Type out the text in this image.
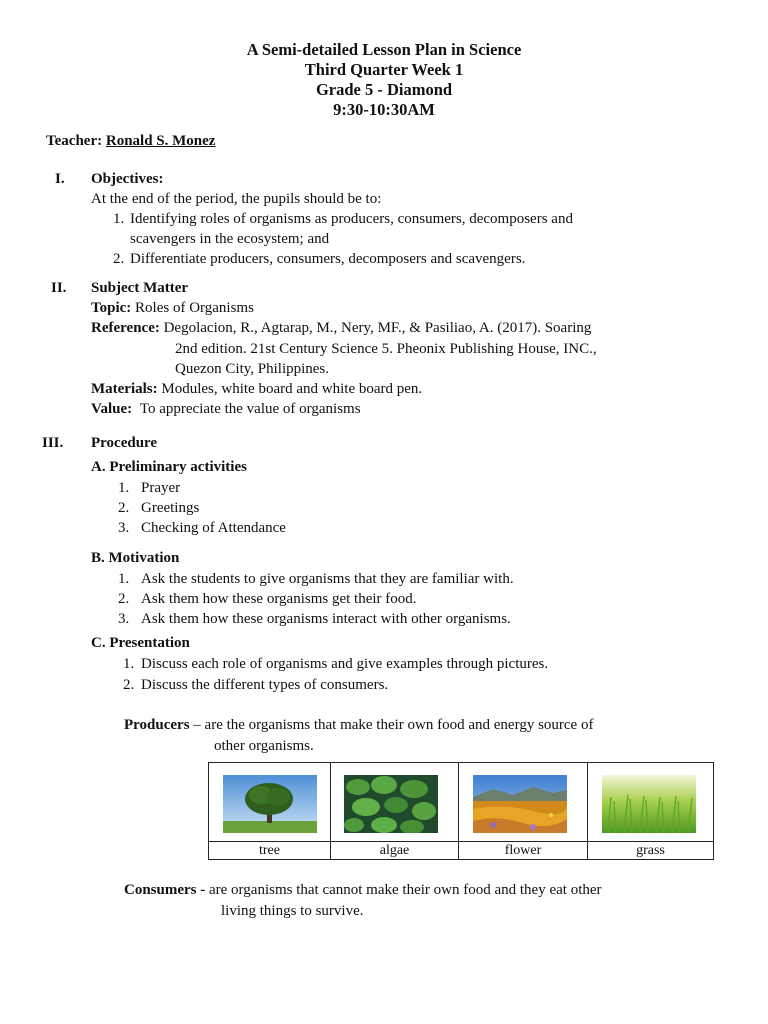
A Semi-detailed Lesson Plan in Science
Third Quarter Week 1
Grade 5 - Diamond
9:30-10:30AM
Teacher: Ronald S. Monez
I. Objectives:
At the end of the period, the pupils should be to:
1. Identifying roles of organisms as producers, consumers, decomposers and
scavengers in the ecosystem; and
2. Differentiate producers, consumers, decomposers and scavengers.
II. Subject Matter
Topic: Roles of Organisms
Reference: Degolacion, R., Agtarap, M., Nery, MF., & Pasiliao, A. (2017). Soaring
2nd edition. 21st Century Science 5. Pheonix Publishing House, INC.,
Quezon City, Philippines.
Materials: Modules, white board and white board pen.
Value: To appreciate the value of organisms
III. Procedure
A. Preliminary activities
1. Prayer
2. Greetings
3. Checking of Attendance
B. Motivation
1. Ask the students to give organisms that they are familiar with.
2. Ask them how these organisms get their food.
3. Ask them how these organisms interact with other organisms.
C. Presentation
1. Discuss each role of organisms and give examples through pictures.
2. Discuss the different types of consumers.
Producers – are the organisms that make their own food and energy source of
other organisms.
tree	algae	flower	grass
Consumers - are organisms that cannot make their own food and they eat other
living things to survive.
